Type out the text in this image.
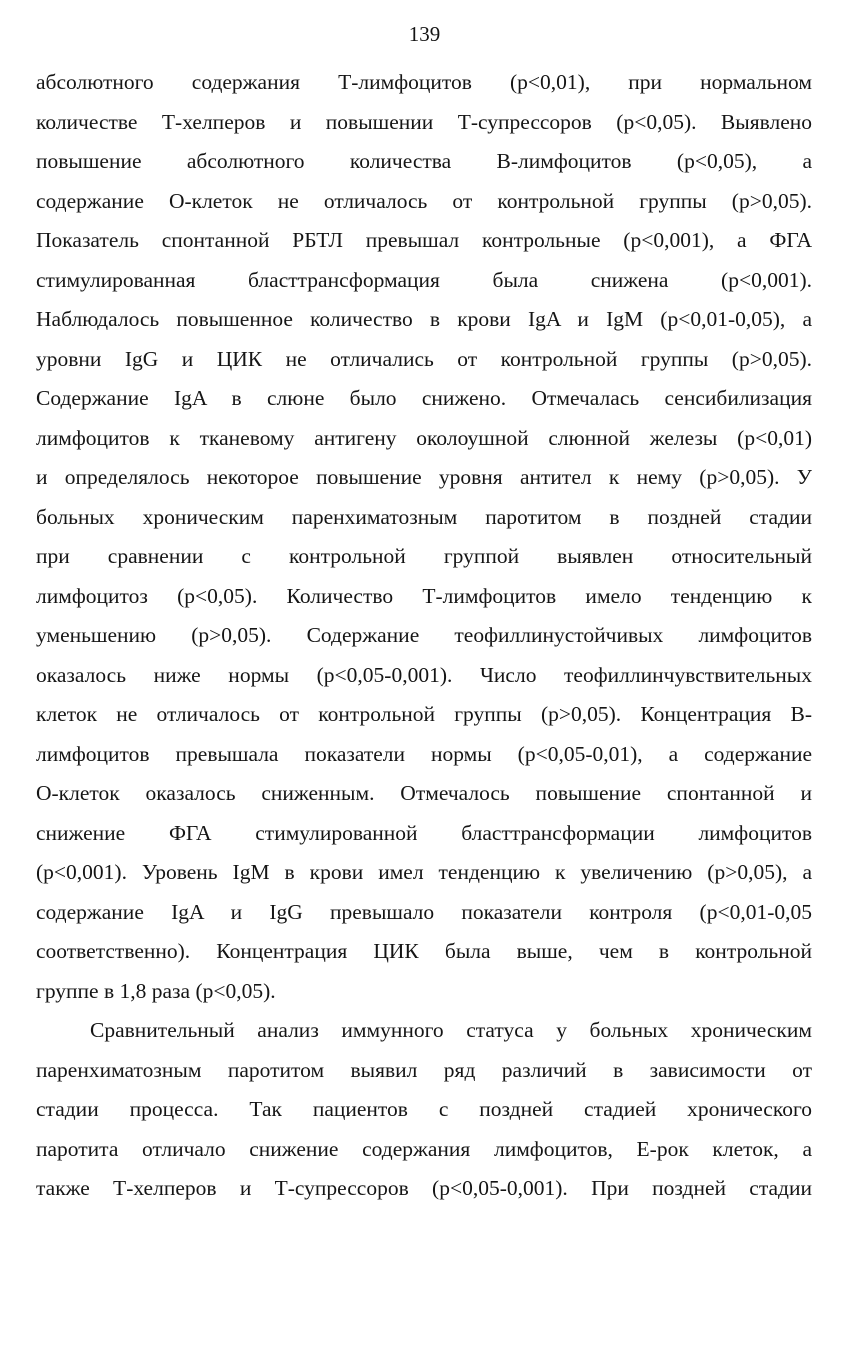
139
абсолютного содержания Т-лимфоцитов (р<0,01), при нормальном
количестве Т-хелперов и повышении Т-супрессоров (р<0,05). Выявлено
повышение абсолютного количества В-лимфоцитов (р<0,05), а
содержание О-клеток не отличалось от контрольной группы (р>0,05).
Показатель спонтанной РБТЛ превышал контрольные (р<0,001), а ФГА
стимулированная бласттрансформация была снижена (р<0,001).
Наблюдалось повышенное количество в крови IgA и IgM (р<0,01-0,05), а
уровни IgG и ЦИК не отличались от контрольной группы (р>0,05).
Содержание IgA в слюне было снижено. Отмечалась сенсибилизация
лимфоцитов к тканевому антигену околоушной слюнной железы (р<0,01)
и определялось некоторое повышение уровня антител к нему (р>0,05). У
больных хроническим паренхиматозным паротитом в поздней стадии
при сравнении с контрольной группой выявлен относительный
лимфоцитоз (р<0,05). Количество Т-лимфоцитов имело тенденцию к
уменьшению (р>0,05). Содержание теофиллинустойчивых лимфоцитов
оказалось ниже нормы (р<0,05-0,001). Число теофиллинчувствительных
клеток не отличалось от контрольной группы (р>0,05). Концентрация В-
лимфоцитов превышала показатели нормы (р<0,05-0,01), а содержание
О-клеток оказалось сниженным. Отмечалось повышение спонтанной и
снижение ФГА стимулированной бласттрансформации лимфоцитов
(р<0,001). Уровень IgM в крови имел тенденцию к увеличению (р>0,05), а
содержание IgA и IgG превышало показатели контроля (р<0,01-0,05
соответственно). Концентрация ЦИК была выше, чем в контрольной
группе в 1,8 раза (р<0,05).
Сравнительный анализ иммунного статуса у больных хроническим
паренхиматозным паротитом выявил ряд различий в зависимости от
стадии процесса. Так пациентов с поздней стадией хронического
паротита отличало снижение содержания лимфоцитов, Е-рок клеток, а
также Т-хелперов и Т-супрессоров (р<0,05-0,001). При поздней стадии
